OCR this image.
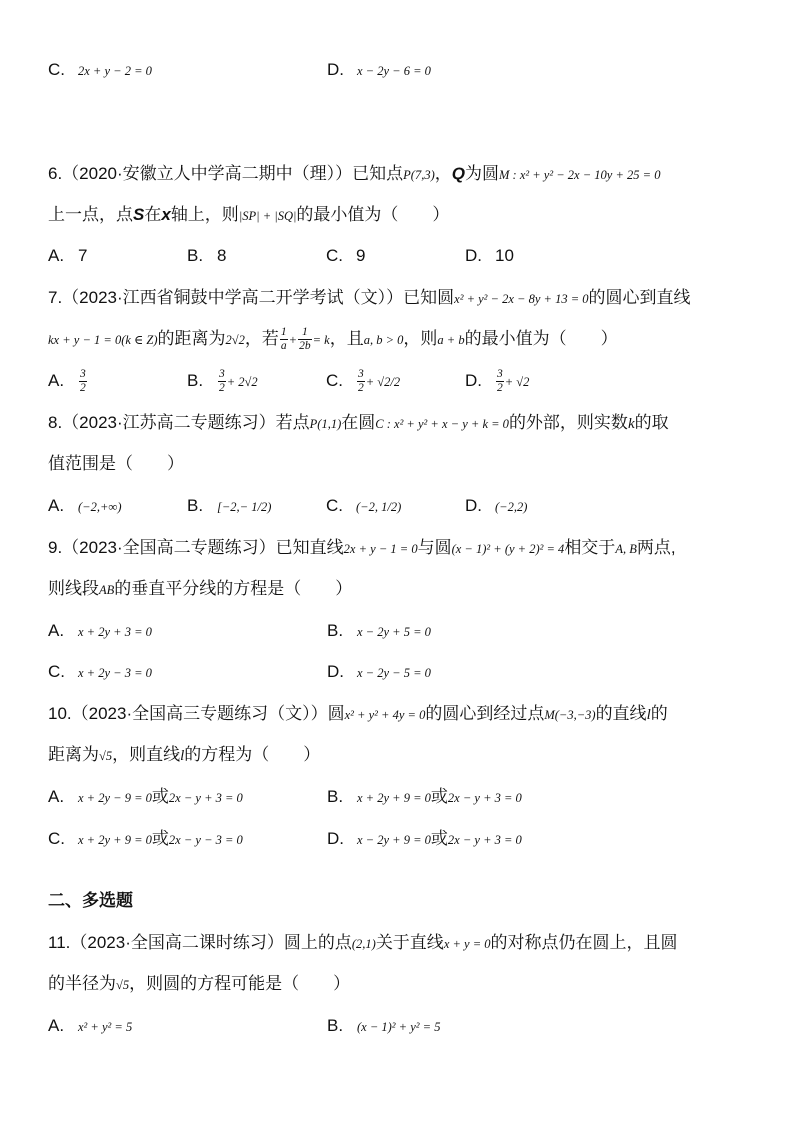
C. 2x + y − 2 = 0	D. x − 2y − 6 = 0
6.（2020·安徽立人中学高二期中（理））已知点P(7,3)，Q为圆M : x² + y² − 2x − 10y + 25 = 0
上一点，点S在x轴上，则|SP| + |SQ|的最小值为（　　）
A. 7	B. 8	C. 9	D. 10
7.（2023·江西省铜鼓中学高二开学考试（文））已知圆x² + y² − 2x − 8y + 13 = 0的圆心到直线
kx + y − 1 = 0(k ∈ Z)的距离为2√2，若 $\frac{1}{a} + \frac{1}{2b} = k$，且a, b > 0，则a + b的最小值为（　　）
A. $\frac{3}{2}$	B. $\frac{3}{2} + 2√2$	C. $\frac{3}{2} + √2/2$	D. $\frac{3}{2} + √2$
8.（2023·江苏高二专题练习）若点P(1,1)在圆C : x² + y² + x − y + k = 0的外部，则实数k的取
值范围是（　　）
A. (−2,+∞)	B. [−2,− 1/2)	C. (−2, 1/2)	D. (−2,2)
9.（2023·全国高二专题练习）已知直线2x + y − 1 = 0与圆(x − 1)² + (y + 2)² = 4相交于A, B两点,
则线段AB的垂直平分线的方程是（　　）
A. x + 2y + 3 = 0	B. x − 2y + 5 = 0
C. x + 2y − 3 = 0	D. x − 2y − 5 = 0
10.（2023·全国高三专题练习（文））圆x² + y² + 4y = 0的圆心到经过点M(−3,−3)的直线l的
距离为√5，则直线l的方程为（　　）
A. x + 2y − 9 = 0或2x − y + 3 = 0	B. x + 2y + 9 = 0或2x − y + 3 = 0
C. x + 2y + 9 = 0或2x − y − 3 = 0	D. x − 2y + 9 = 0或2x − y + 3 = 0
二、多选题
11.（2023·全国高二课时练习）圆上的点(2,1)关于直线x + y = 0的对称点仍在圆上，且圆
的半径为√5，则圆的方程可能是（　　）
A. x² + y² = 5	B. (x − 1)² + y² = 5
